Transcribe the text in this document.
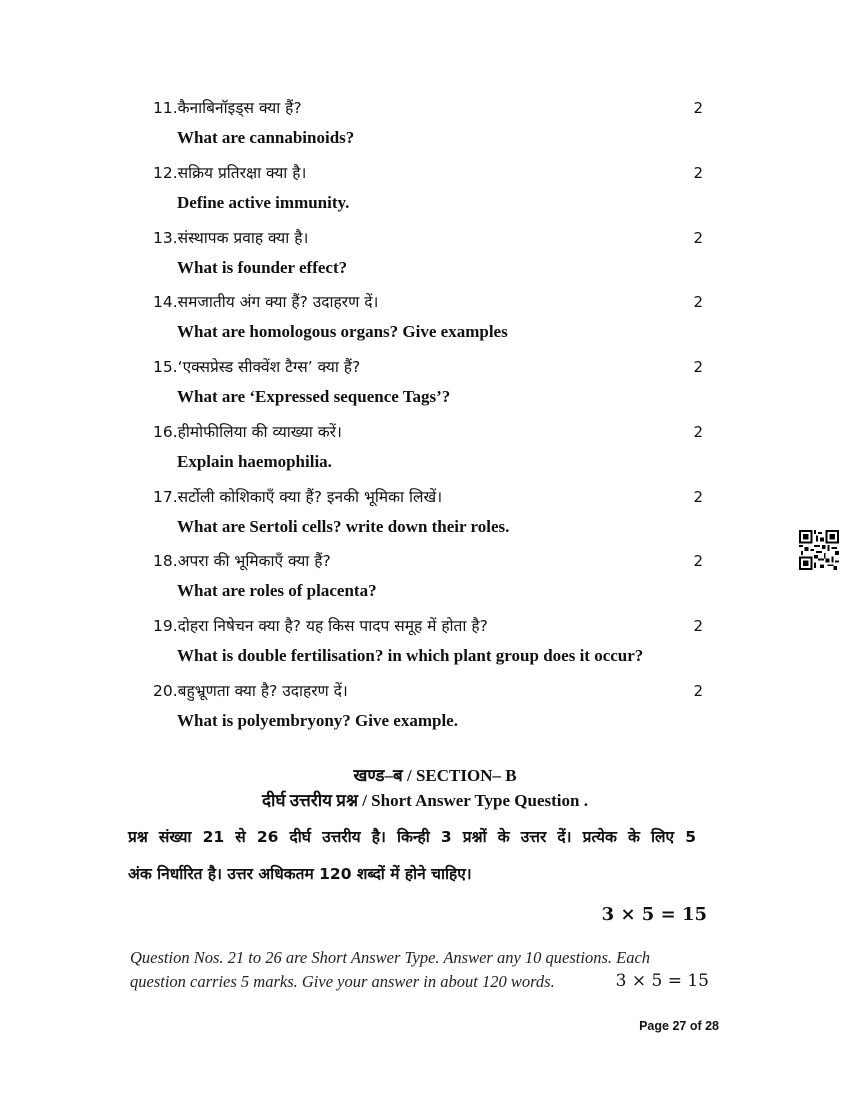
11.कैनाबिनॉइड्स क्या हैं?	2
What are cannabinoids?
12.सक्रिय प्रतिरक्षा क्या है।	2
Define active immunity.
13.संस्थापक प्रवाह क्या है।	2
What is founder effect?
14.समजातीय अंग क्या हैं? उदाहरण दें।	2
What are homologous organs? Give examples
15.‘एक्सप्रेस्ड सीक्वेंश टैग्स’ क्या हैं?	2
What are ‘Expressed sequence Tags’?
16.हीमोफीलिया की व्याख्या करें।	2
Explain haemophilia.
17.सर्टोली कोशिकाएँ क्या हैं? इनकी भूमिका लिखें।	2
What are Sertoli cells? write down their roles.
18.अपरा की भूमिकाएँ क्या हैं?	2
What are roles of placenta?
19.दोहरा निषेचन क्या है? यह किस पादप समूह में होता है?	2
What is double fertilisation? in which plant group does it occur?
20.बहुभ्रूणता क्या है? उदाहरण दें।	2
What is polyembryony? Give example.
खण्ड–ब / SECTION– B
दीर्घ उत्तरीय प्रश्न / Short Answer Type Question .
प्रश्न संख्या 21 से 26 दीर्घ उत्तरीय है। किन्ही 3 प्रश्नों के उत्तर दें। प्रत्येक के लिए 5
अंक निर्धारित है। उत्तर अधिकतम 120 शब्दों में होने चाहिए।
3 × 5 = 15
Question Nos. 21 to 26 are Short Answer Type. Answer any 10 questions. Each
question carries 5 marks. Give your answer in about 120 words.	3 × 5 = 15
Page 27 of 28
